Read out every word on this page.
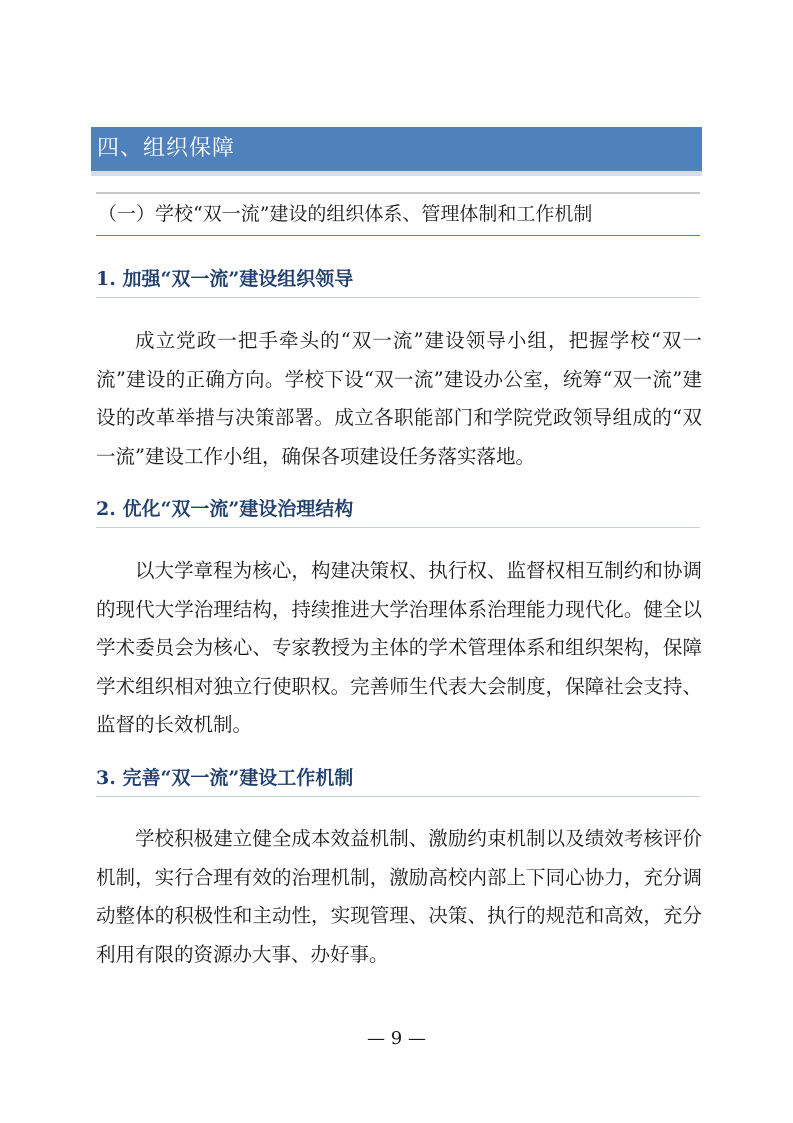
四、组织保障
（一）学校“双一流”建设的组织体系、管理体制和工作机制
1. 加强“双一流”建设组织领导
成立党政一把手牵头的“双一流”建设领导小组，把握学校“双一流”建设的正确方向。学校下设“双一流”建设办公室，统筹“双一流”建设的改革举措与决策部署。成立各职能部门和学院党政领导组成的“双一流”建设工作小组，确保各项建设任务落实落地。
2. 优化“双一流”建设治理结构
以大学章程为核心，构建决策权、执行权、监督权相互制约和协调的现代大学治理结构，持续推进大学治理体系治理能力现代化。健全以学术委员会为核心、专家教授为主体的学术管理体系和组织架构，保障学术组织相对独立行使职权。完善师生代表大会制度，保障社会支持、监督的长效机制。
3. 完善“双一流”建设工作机制
学校积极建立健全成本效益机制、激励约束机制以及绩效考核评价机制，实行合理有效的治理机制，激励高校内部上下同心协力，充分调动整体的积极性和主动性，实现管理、决策、执行的规范和高效，充分利用有限的资源办大事、办好事。
— 9 —
